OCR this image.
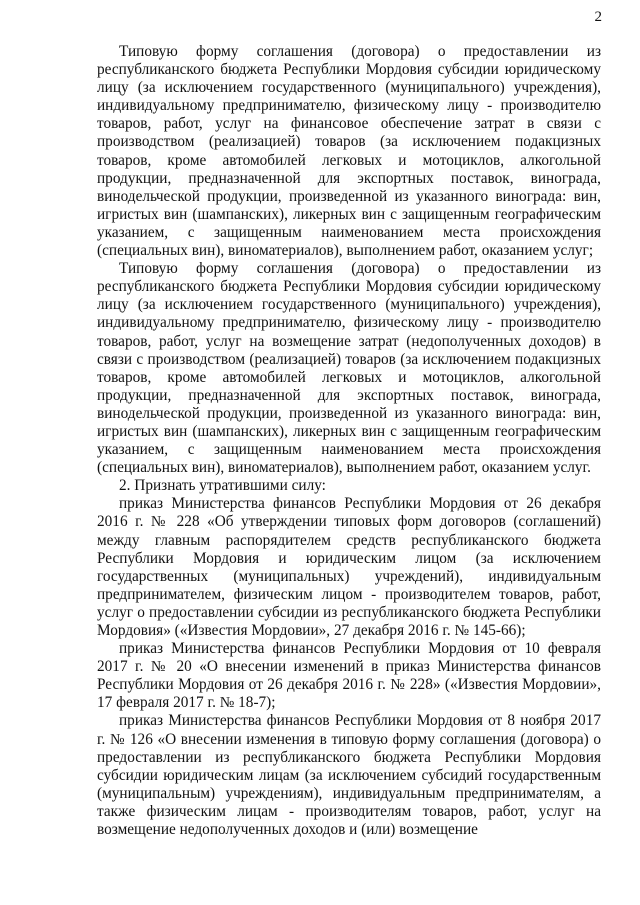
2

Типовую форму соглашения (договора) о предоставлении из республиканского бюджета Республики Мордовия субсидии юридическому лицу (за исключением государственного (муниципального) учреждения), индивидуальному предпринимателю, физическому лицу - производителю товаров, работ, услуг на финансовое обеспечение затрат в связи с производством (реализацией) товаров (за исключением подакцизных товаров, кроме автомобилей легковых и мотоциклов, алкогольной продукции, предназначенной для экспортных поставок, винограда, винодельческой продукции, произведенной из указанного винограда: вин, игристых вин (шампанских), ликерных вин с защищенным географическим указанием, с защищенным наименованием места происхождения (специальных вин), виноматериалов), выполнением работ, оказанием услуг;

Типовую форму соглашения (договора) о предоставлении из республиканского бюджета Республики Мордовия субсидии юридическому лицу (за исключением государственного (муниципального) учреждения), индивидуальному предпринимателю, физическому лицу - производителю товаров, работ, услуг на возмещение затрат (недополученных доходов) в связи с производством (реализацией) товаров (за исключением подакцизных товаров, кроме автомобилей легковых и мотоциклов, алкогольной продукции, предназначенной для экспортных поставок, винограда, винодельческой продукции, произведенной из указанного винограда: вин, игристых вин (шампанских), ликерных вин с защищенным географическим указанием, с защищенным наименованием места происхождения (специальных вин), виноматериалов), выполнением работ, оказанием услуг.

2. Признать утратившими силу:

приказ Министерства финансов Республики Мордовия от 26 декабря 2016 г. № 228 «Об утверждении типовых форм договоров (соглашений) между главным распорядителем средств республиканского бюджета Республики Мордовия и юридическим лицом (за исключением государственных (муниципальных) учреждений), индивидуальным предпринимателем, физическим лицом - производителем товаров, работ, услуг о предоставлении субсидии из республиканского бюджета Республики Мордовия» («Известия Мордовии», 27 декабря 2016 г. № 145-66);

приказ Министерства финансов Республики Мордовия от 10 февраля 2017 г. № 20 «О внесении изменений в приказ Министерства финансов Республики Мордовия от 26 декабря 2016 г. № 228» («Известия Мордовии», 17 февраля 2017 г. № 18-7);

приказ Министерства финансов Республики Мордовия от 8 ноября 2017 г. № 126 «О внесении изменения в типовую форму соглашения (договора) о предоставлении из республиканского бюджета Республики Мордовия субсидии юридическим лицам (за исключением субсидий государственным (муниципальным) учреждениям), индивидуальным предпринимателям, а также физическим лицам - производителям товаров, работ, услуг на возмещение недополученных доходов и (или) возмещение
